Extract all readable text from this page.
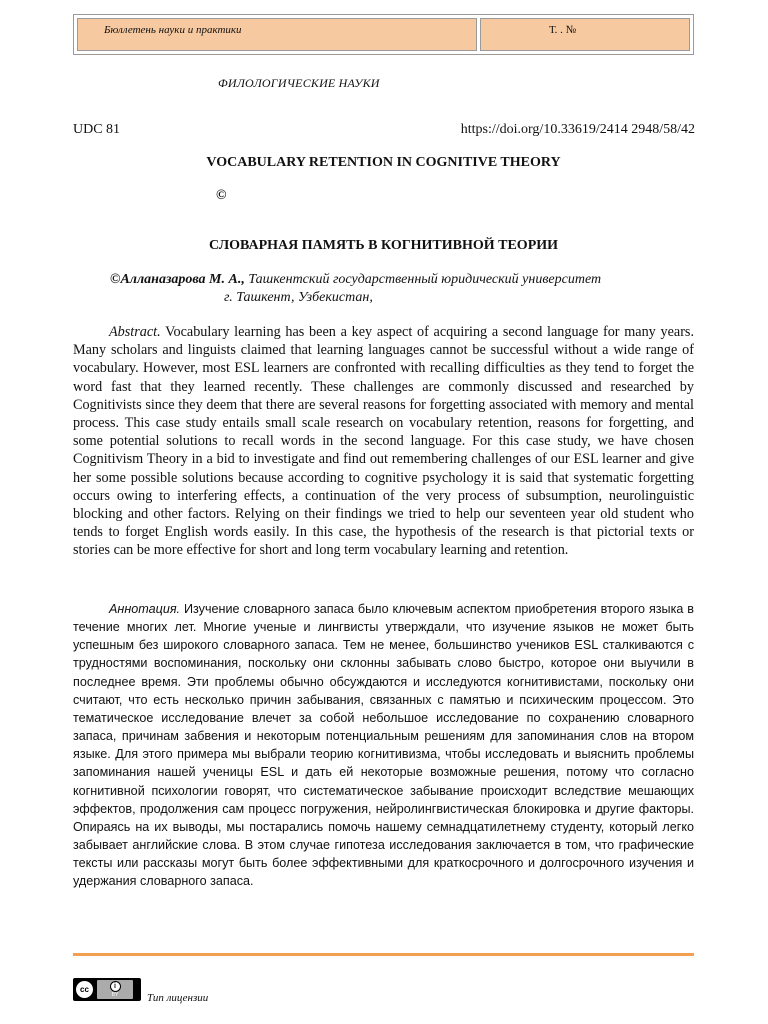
Бюллетень науки и практики	Т. . №
ФИЛОЛОГИЧЕСКИЕ НАУКИ
UDC 81	https://doi.org/10.33619/2414 2948/58/42
VOCABULARY RETENTION IN COGNITIVE THEORY
©
СЛОВАРНАЯ ПАМЯТЬ В КОГНИТИВНОЙ ТЕОРИИ
©Алланазарова М. А., Ташкентский государственный юридический университет
г. Ташкент, Узбекистан,

Abstract. Vocabulary learning has been a key aspect of acquiring a second language for many years. Many scholars and linguists claimed that learning languages cannot be successful without a wide range of vocabulary. However, most ESL learners are confronted with recalling difficulties as they tend to forget the word fast that they learned recently. These challenges are commonly discussed and researched by Cognitivists since they deem that there are several reasons for forgetting associated with memory and mental process. This case study entails small scale research on vocabulary retention, reasons for forgetting, and some potential solutions to recall words in the second language. For this case study, we have chosen Cognitivism Theory in a bid to investigate and find out remembering challenges of our ESL learner and give her some possible solutions because according to cognitive psychology it is said that systematic forgetting occurs owing to interfering effects, a continuation of the very process of subsumption, neurolinguistic blocking and other factors. Relying on their findings we tried to help our seventeen year old student who tends to forget English words easily. In this case, the hypothesis of the research is that pictorial texts or stories can be more effective for short and long term vocabulary learning and retention.

Аннотация. Изучение словарного запаса было ключевым аспектом приобретения второго языка в течение многих лет. Многие ученые и лингвисты утверждали, что изучение языков не может быть успешным без широкого словарного запаса. Тем не менее, большинство учеников ESL сталкиваются с трудностями воспоминания, поскольку они склонны забывать слово быстро, которое они выучили в последнее время. Эти проблемы обычно обсуждаются и исследуются когнитивистами, поскольку они считают, что есть несколько причин забывания, связанных с памятью и психическим процессом. Это тематическое исследование влечет за собой небольшое исследование по сохранению словарного запаса, причинам забвения и некоторым потенциальным решениям для запоминания слов на втором языке. Для этого примера мы выбрали теорию когнитивизма, чтобы исследовать и выяснить проблемы запоминания нашей ученицы ESL и дать ей некоторые возможные решения, потому что согласно когнитивной психологии говорят, что систематическое забывание происходит вследствие мешающих эффектов, продолжения сам процесс погружения, нейролингвистическая блокировка и другие факторы. Опираясь на их выводы, мы постарались помочь нашему семнадцатилетнему студенту, который легко забывает английские слова. В этом случае гипотеза исследования заключается в том, что графические тексты или рассказы могут быть более эффективными для краткосрочного и долгосрочного изучения и удержания словарного запаса.

cc	i
BY	Тип лицензии
